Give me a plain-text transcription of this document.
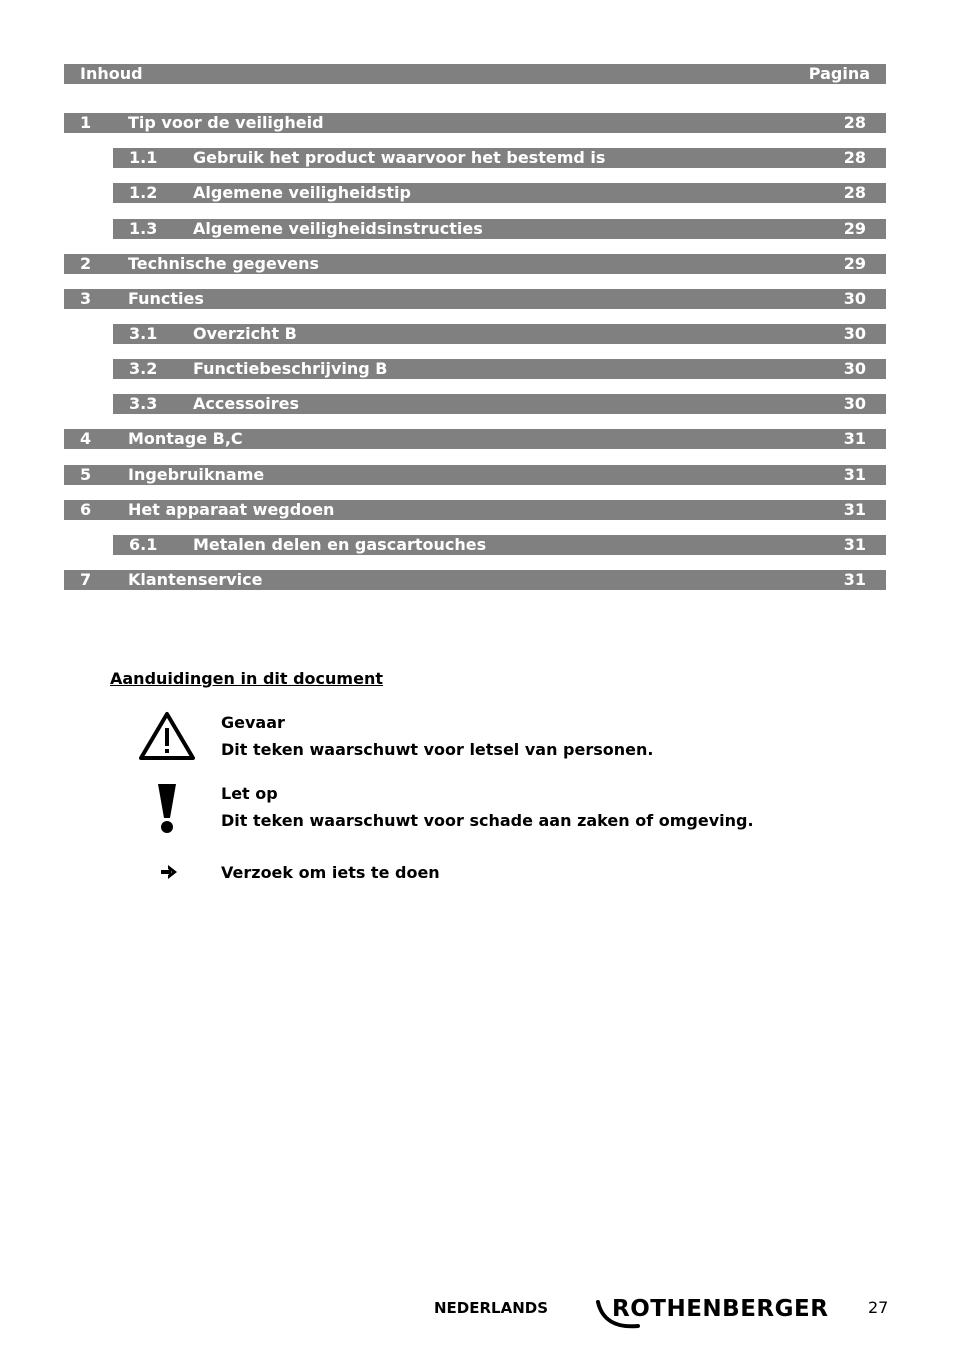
Inhoud	Pagina
1 Tip voor de veiligheid	28
1.1 Gebruik het product waarvoor het bestemd is	28
1.2 Algemene veiligheidstip	28
1.3 Algemene veiligheidsinstructies	29
2 Technische gegevens	29
3 Functies	30
3.1 Overzicht B	30
3.2 Functiebeschrijving B	30
3.3 Accessoires	30
4 Montage B,C	31
5 Ingebruikname	31
6 Het apparaat wegdoen	31
6.1 Metalen delen en gascartouches	31
7 Klantenservice	31
Aanduidingen in dit document
Gevaar
Dit teken waarschuwt voor letsel van personen.
Let op
Dit teken waarschuwt voor schade aan zaken of omgeving.
Verzoek om iets te doen
NEDERLANDS	ROTHENBERGER 27
